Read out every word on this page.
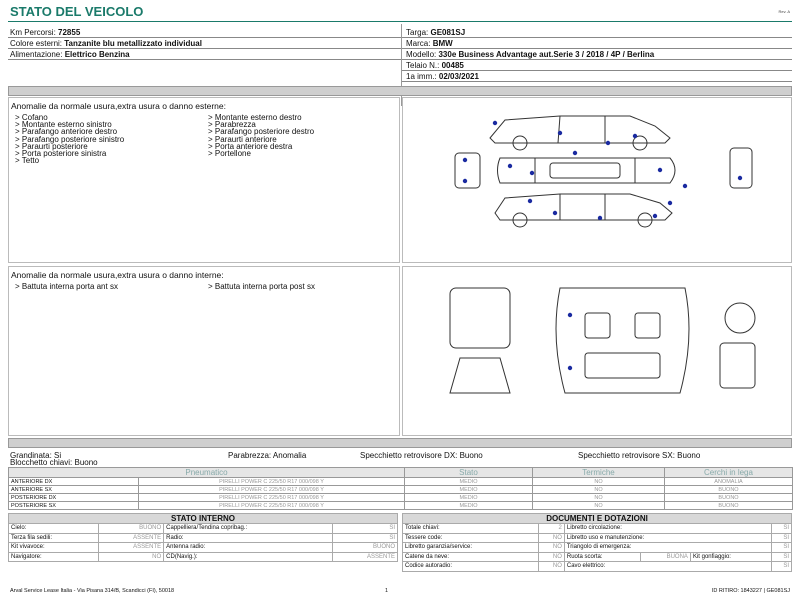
STATO DEL VEICOLO	Rev. A
Km Percorsi: 72855
Colore esterni: Tanzanite blu metallizzato individual
Alimentazione: Elettrico Benzina
Targa: GE081SJ
Marca: BMW
Modello: 330e Business Advantage aut.Serie 3 / 2018 / 4P / Berlina
Telaio N.: 00485
1a imm.: 02/03/2021
Anomalie da normale usura,extra usura o danno esterne:
> Cofano
> Montante esterno sinistro
> Parafango anteriore destro
> Parafango posteriore sinistro
> Paraurti posteriore
> Porta posteriore sinistra
> Tetto
> Montante esterno destro
> Parabrezza
> Parafango posteriore destro
> Paraurti anteriore
> Porta anteriore destra
> Portellone
Anomalie da normale usura,extra usura o danno interne:
> Battuta interna porta ant sx	> Battuta interna porta post sx
Grandinata: Si	Parabrezza: Anomalia	Specchietto retrovisore DX: Buono	Specchietto retrovisore SX: Buono
Blocchetto chiavi: Buono
Pneumatico		Stato	Termiche	Cerchi in lega
ANTERIORE DX	PIRELLI POWER C 225/50 R17 000/098 Y	MEDIO	NO	ANOMALIA
ANTERIORE SX	PIRELLI POWER C 225/50 R17 000/098 Y	MEDIO	NO	BUONO
POSTERIORE DX	PIRELLI POWER C 225/50 R17 000/098 Y	MEDIO	NO	BUONO
POSTERIORE SX	PIRELLI POWER C 225/50 R17 000/098 Y	MEDIO	NO	BUONO
STATO INTERNO			
Cielo:	BUONO	Cappelliera/Tendina copribag.:	SI
Terza fila sedili:	ASSENTE	Radio:	SI
Kit vivavoce:	ASSENTE	Antenna radio:	BUONO
Navigatore:	NO	CD(Navig.):	ASSENTE
DOCUMENTI E DOTAZIONI					
Totale chiavi:	2	Libretto circolazione:			SI
Tessere code:	NO	Libretto uso e manutenzione:			SI
Libretto garanzia/service:	NO	Triangolo di emergenza:			SI
Catene da neve:	NO	Ruota scorta:	BUONA	Kit gonfiaggio:	SI
Codice autoradio:	NO	Cavo elettrico:			SI
Arval Service Lease Italia - Via Pisana 314/B, Scandicci (FI), 50018	1	ID RITIRO: 1843227 | GE081SJ
